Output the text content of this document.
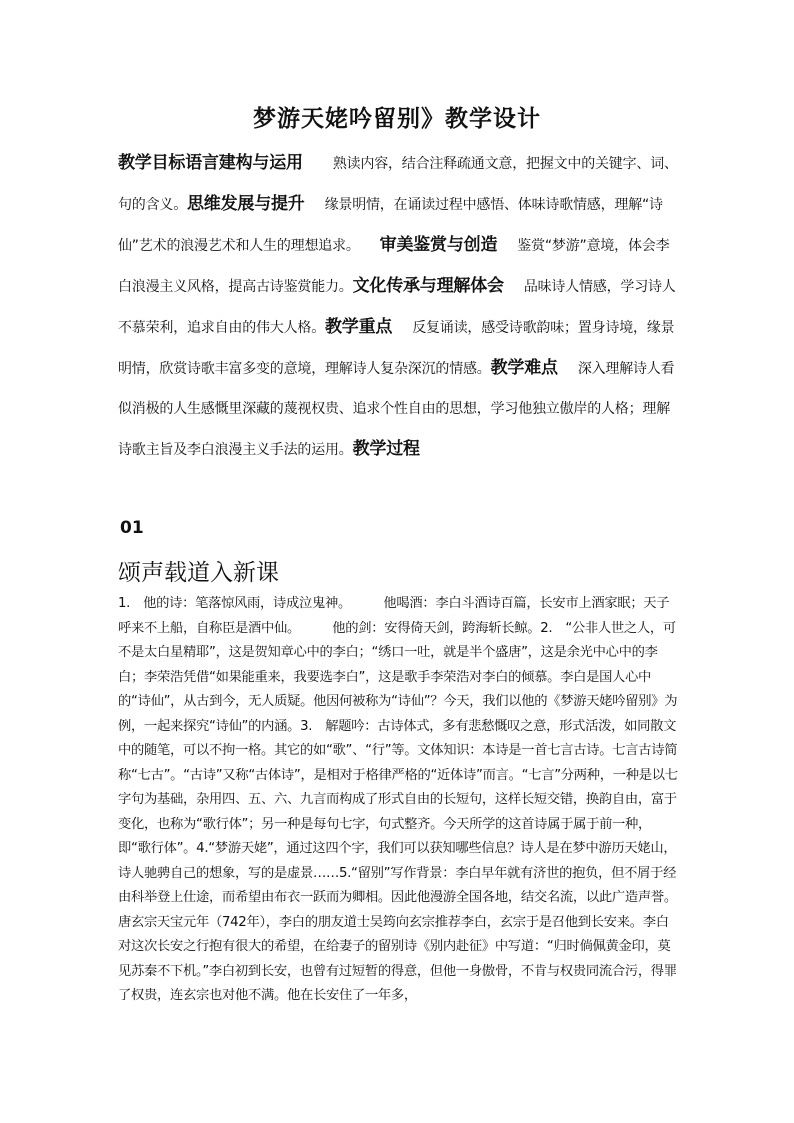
梦游天姥吟留别》教学设计
教学目标语言建构与运用 熟读内容，结合注释疏通文意，把握文中的关键字、词、句的含义。思维发展与提升 缘景明情，在诵读过程中感悟、体味诗歌情感，理解“诗仙”艺术的浪漫艺术和人生的理想追求。 审美鉴赏与创造 鉴赏“梦游”意境，体会李白浪漫主义风格，提高古诗鉴赏能力。文化传承与理解体会 品味诗人情感，学习诗人不慕荣利，追求自由的伟大人格。教学重点 反复诵读，感受诗歌韵味；置身诗境，缘景明情，欣赏诗歌丰富多变的意境，理解诗人复杂深沉的情感。教学难点 深入理解诗人看似消极的人生感慨里深藏的蔑视权贵、追求个性自由的思想，学习他独立傲岸的人格；理解诗歌主旨及李白浪漫主义手法的运用。教学过程
01
颂声载道入新课
1.　他的诗：笔落惊风雨，诗成泣鬼神。　　　他喝酒：李白斗酒诗百篇，长安市上酒家眠；天子呼来不上船，自称臣是酒中仙。　　　他的剑：安得倚天剑，跨海斩长鲸。2.　“公非人世之人，可不是太白星精耶”，这是贺知章心中的李白；“绣口一吐，就是半个盛唐”，这是余光中心中的李白；李荣浩凭借“如果能重来，我要选李白”，这是歌手李荣浩对李白的倾慕。李白是国人心中的“诗仙”，从古到今，无人质疑。他因何被称为“诗仙”？今天，我们以他的《梦游天姥吟留别》为例，一起来探究“诗仙”的内涵。3.　解题吟：古诗体式，多有悲愁慨叹之意，形式活泼，如同散文中的随笔，可以不拘一格。其它的如“歌”、“行”等。文体知识：本诗是一首七言古诗。七言古诗简称“七古”。“古诗”又称“古体诗”，是相对于格律严格的“近体诗”而言。“七言”分两种，一种是以七字句为基础，杂用四、五、六、九言而构成了形式自由的长短句，这样长短交错，换韵自由，富于变化，也称为“歌行体”；另一种是每句七字，句式整齐。今天所学的这首诗属于属于前一种，即“歌行体”。4.“梦游天姥”，通过这四个字，我们可以获知哪些信息？诗人是在梦中游历天姥山，诗人驰骋自己的想象，写的是虚景……5.“留别”写作背景：李白早年就有济世的抱负，但不屑于经由科举登上仕途，而希望由布衣一跃而为卿相。因此他漫游全国各地，结交名流，以此广造声誉。唐玄宗天宝元年（742年），李白的朋友道士吴筠向玄宗推荐李白，玄宗于是召他到长安来。李白对这次长安之行抱有很大的希望，在给妻子的留别诗《别内赴征》中写道：“归时倘佩黄金印，莫见苏秦不下机。”李白初到长安，也曾有过短暂的得意，但他一身傲骨，不肯与权贵同流合污，得罪了权贵，连玄宗也对他不满。他在长安住了一年多，
